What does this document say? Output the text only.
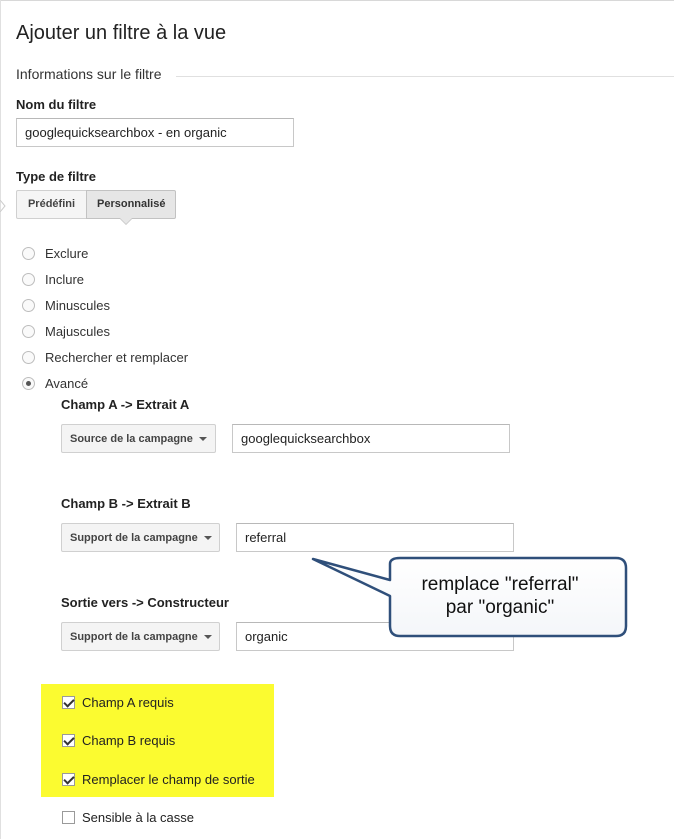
Ajouter un filtre à la vue
Informations sur le filtre
Nom du filtre
googlequicksearchbox - en organic
Type de filtre
Prédéfini	Personnalisé
Exclure
Inclure
Minuscules
Majuscules
Rechercher et remplacer
Avancé
Champ A -> Extrait A
Source de la campagne	googlequicksearchbox
Champ B -> Extrait B
Support de la campagne	referral
Sortie vers -> Constructeur
Support de la campagne	organic
remplace "referral"
par "organic"
Champ A requis
Champ B requis
Remplacer le champ de sortie
Sensible à la casse
